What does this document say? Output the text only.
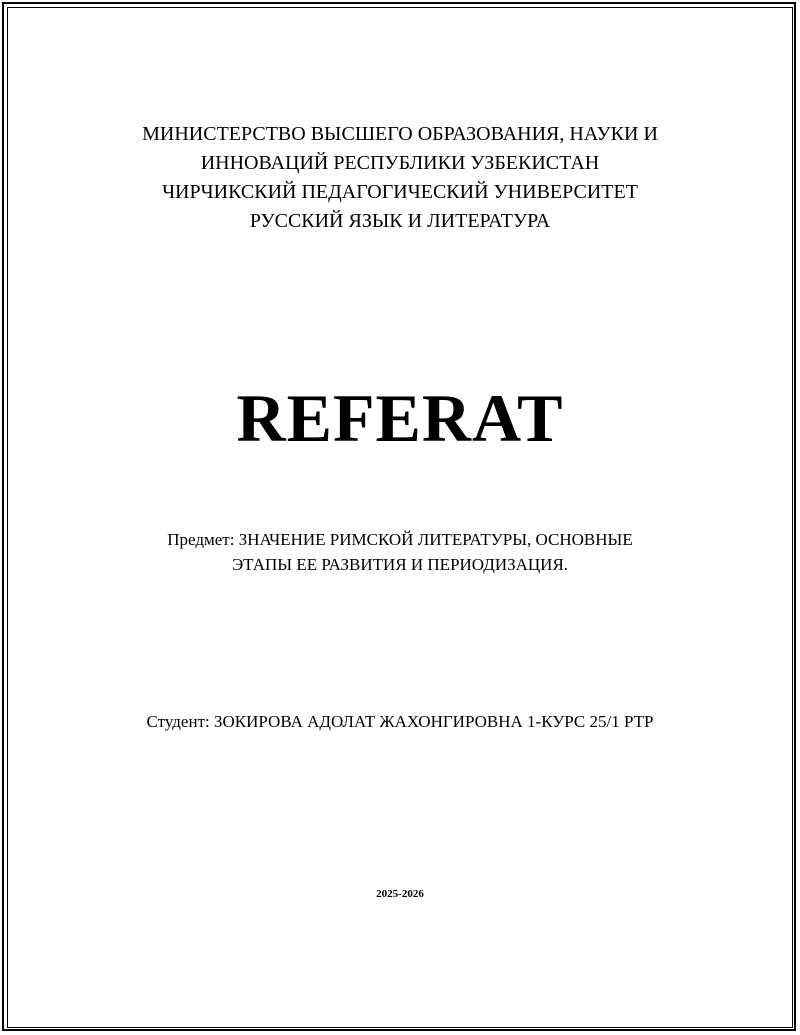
МИНИСТЕРСТВО ВЫСШЕГО ОБРАЗОВАНИЯ, НАУКИ И
ИННОВАЦИЙ РЕСПУБЛИКИ УЗБЕКИСТАН
ЧИРЧИКСКИЙ ПЕДАГОГИЧЕСКИЙ УНИВЕРСИТЕТ
РУССКИЙ ЯЗЫК И ЛИТЕРАТУРА
REFERAT
Предмет: ЗНАЧЕНИЕ РИМСКОЙ ЛИТЕРАТУРЫ, ОСНОВНЫЕ
ЭТАПЫ ЕЕ РАЗВИТИЯ И ПЕРИОДИЗАЦИЯ.
Студент: ЗОКИРОВА АДОЛАТ ЖАХОНГИРОВНА 1-КУРС 25/1 РТР
2025-2026
